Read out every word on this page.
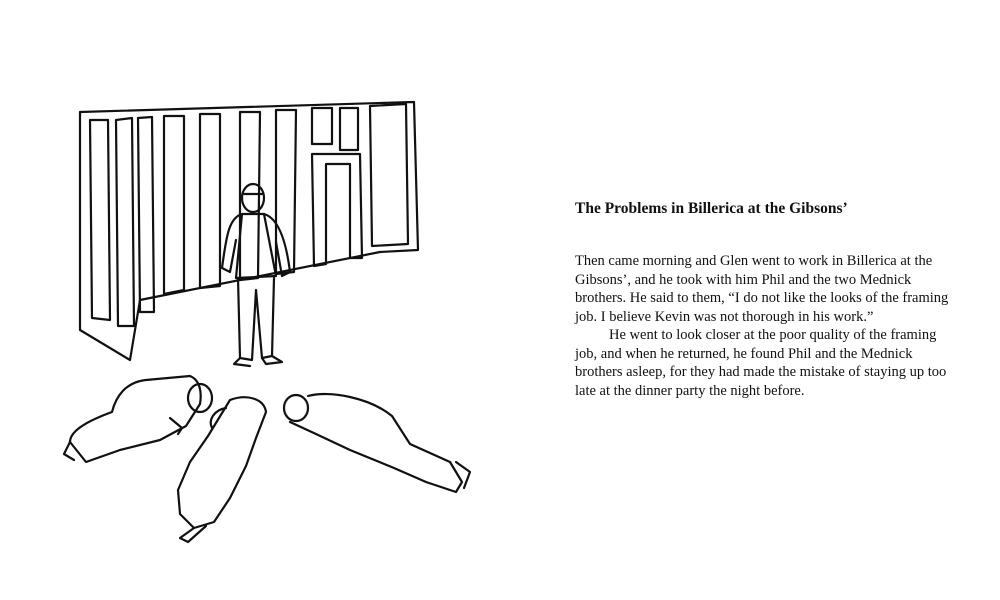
The Problems in Billerica at the Gibsons’

Then came morning and Glen went to work in Billerica at the Gibsons’, and he took with him Phil and the two Mednick brothers. He said to them, “I do not like the looks of the framing job. I believe Kevin was not thorough in his work.”

He went to look closer at the poor quality of the framing job, and when he returned, he found Phil and the Mednick brothers asleep, for they had made the mistake of staying up too late at the dinner party the night before.
